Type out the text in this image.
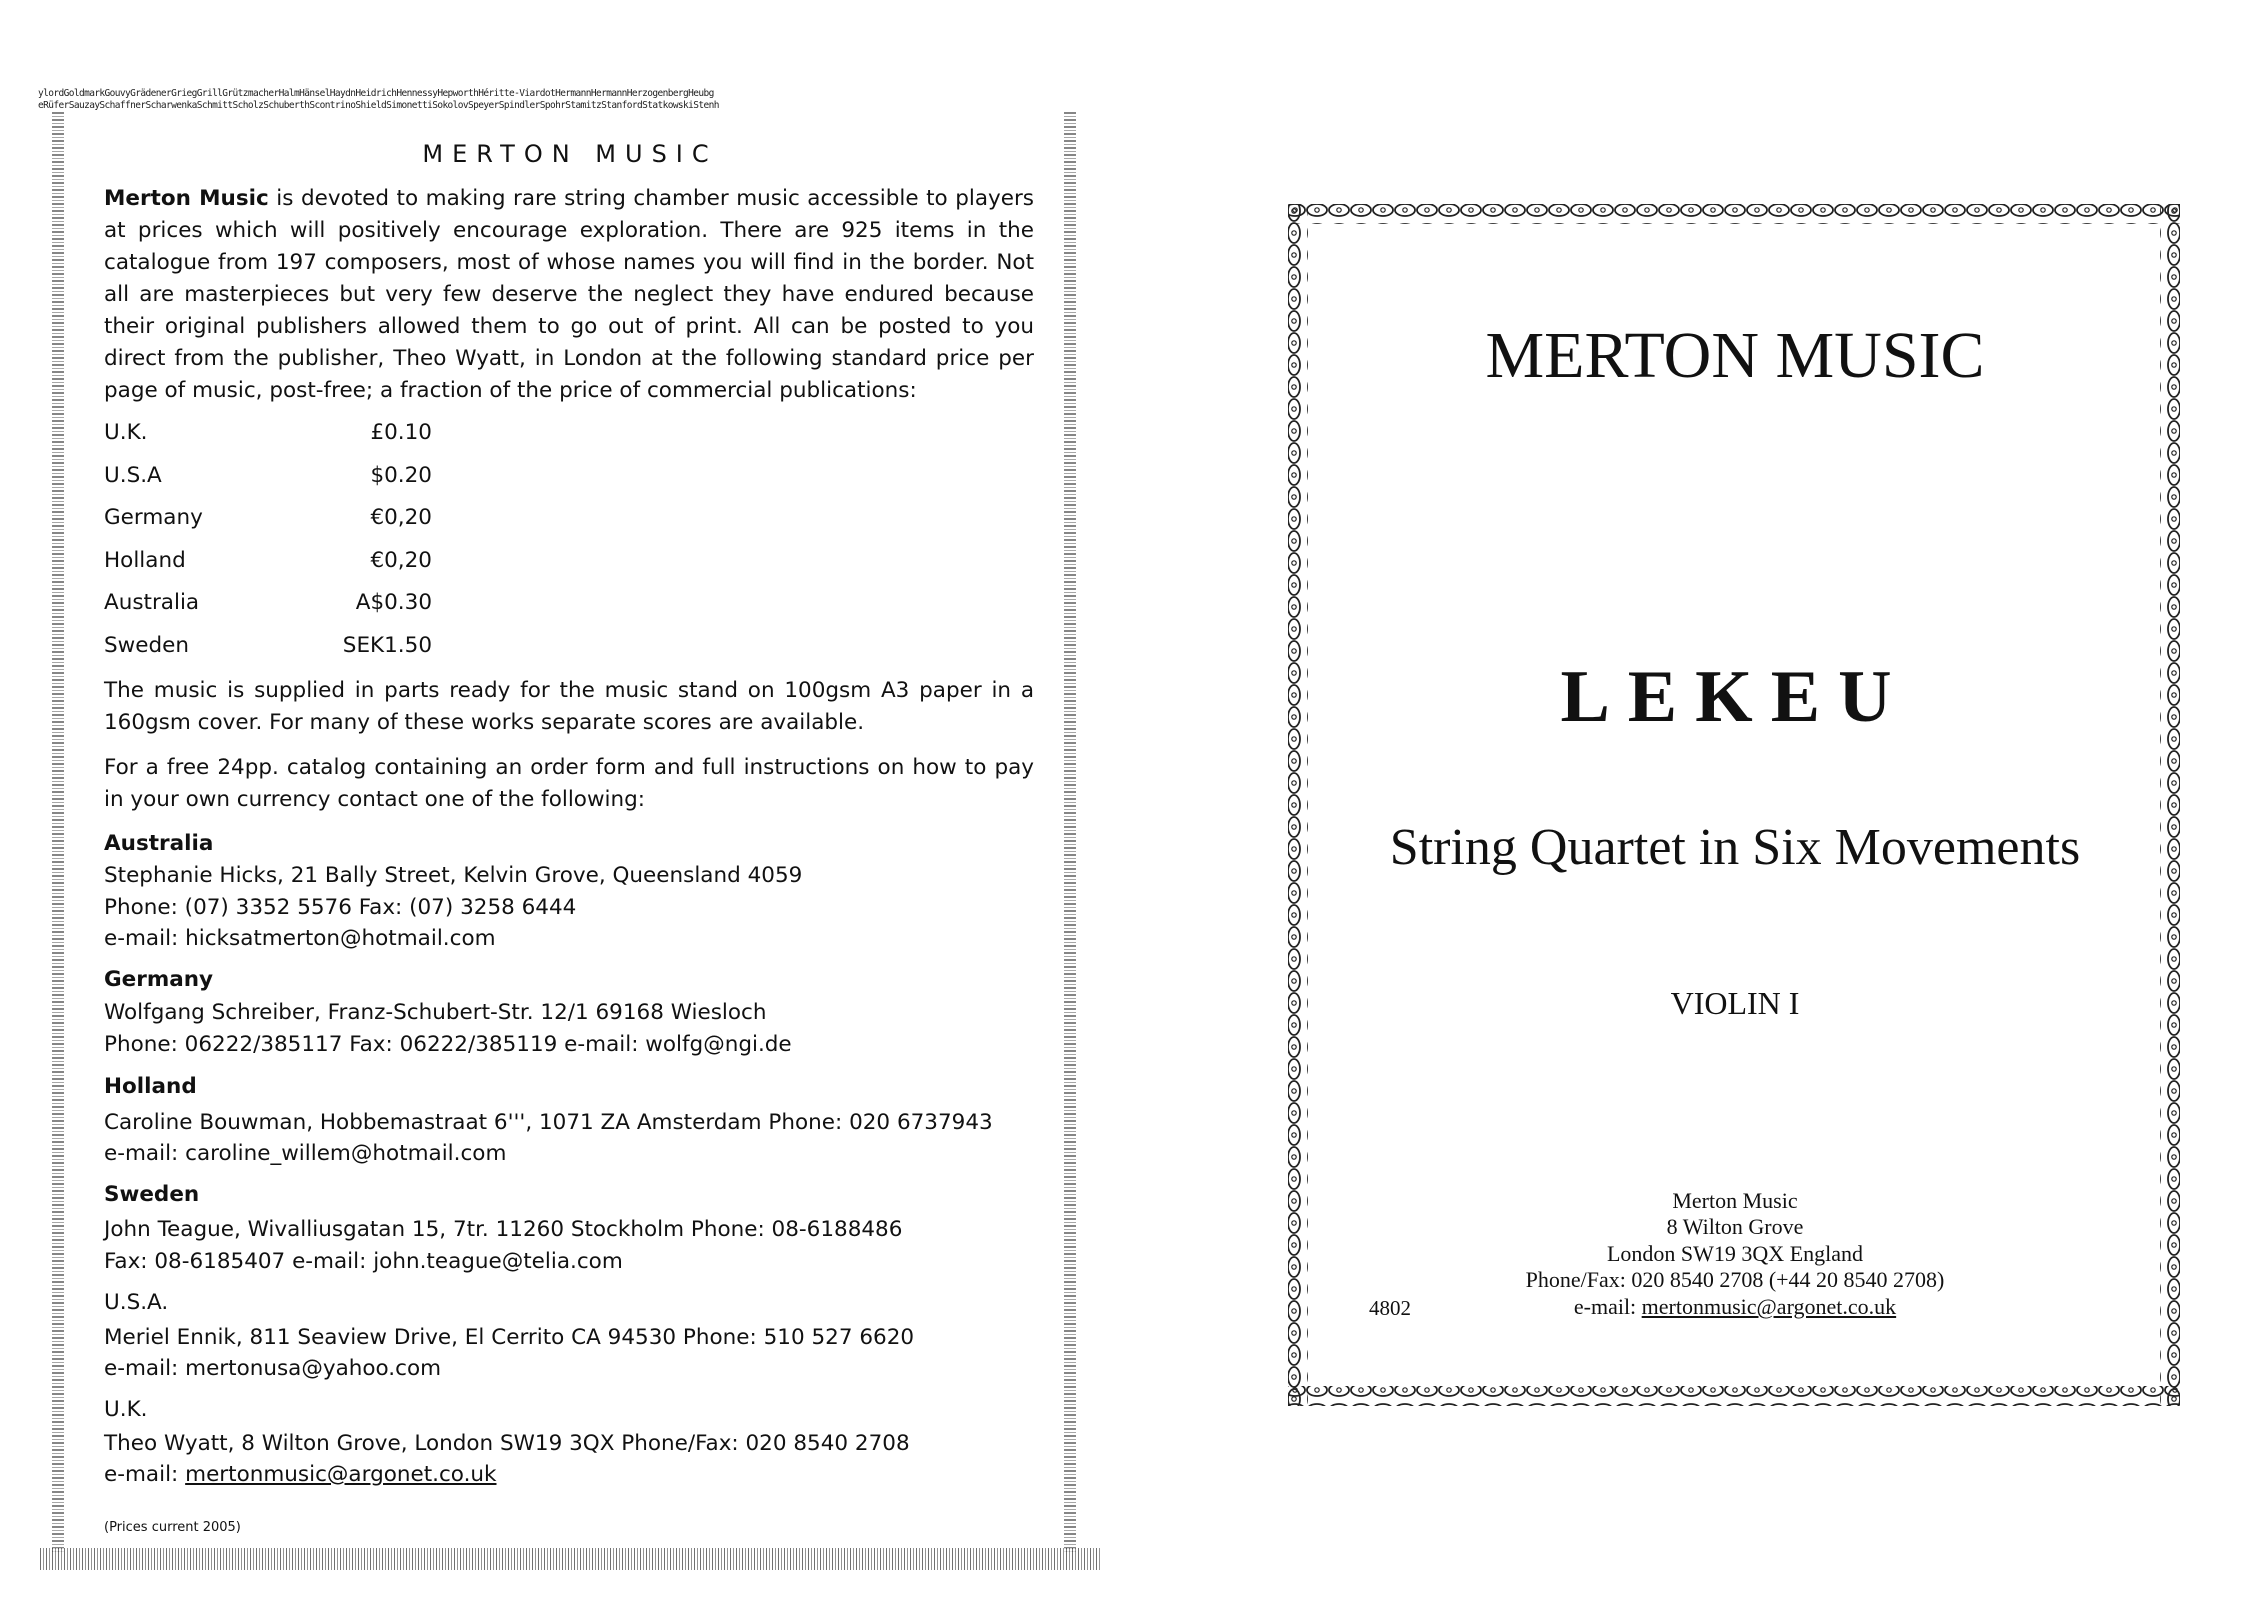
ylordGoldmarkGouvyGrädenerGriegGrillGrützmacherHalmHänselHaydnHeidrichHennessyHepworthHéritte-ViardotHermannHermannHerzogenbergHeubg
eRüferSauzaySchaffnerScharwenkaSchmittScholzSchuberthScontrinoShieldSimonettiSokolovSpeyerSpindlerSpohrStamitzStanfordStatkowskiStenh
MERTON MUSIC
Merton Music is devoted to making rare string chamber music accessible to players
at prices which will positively encourage exploration. There are 925 items in the
catalogue from 197 composers, most of whose names you will find in the border. Not
all are masterpieces but very few deserve the neglect they have endured because
their original publishers allowed them to go out of print. All can be posted to you
direct from the publisher, Theo Wyatt, in London at the following standard price per
page of music, post-free; a fraction of the price of commercial publications:
U.K.	£0.10
U.S.A	$0.20
Germany	€0,20
Holland	€0,20
Australia	A$0.30
Sweden	SEK1.50
The music is supplied in parts ready for the music stand on 100gsm A3 paper in a
160gsm cover. For many of these works separate scores are available.
For a free 24pp. catalog containing an order form and full instructions on how to pay
in your own currency contact one of the following:
Australia
Stephanie Hicks, 21 Bally Street, Kelvin Grove, Queensland 4059
Phone: (07) 3352 5576 Fax: (07) 3258 6444
e-mail: hicksatmerton@hotmail.com
Germany
Wolfgang Schreiber, Franz-Schubert-Str. 12/1 69168 Wiesloch
Phone: 06222/385117 Fax: 06222/385119 e-mail: wolfg@ngi.de
Holland
Caroline Bouwman, Hobbemastraat 6''', 1071 ZA Amsterdam Phone: 020 6737943
e-mail: caroline_willem@hotmail.com
Sweden
John Teague, Wivalliusgatan 15, 7tr. 11260 Stockholm Phone: 08-6188486
Fax: 08-6185407 e-mail: john.teague@telia.com
U.S.A.
Meriel Ennik, 811 Seaview Drive, El Cerrito CA 94530 Phone: 510 527 6620
e-mail: mertonusa@yahoo.com
U.K.
Theo Wyatt, 8 Wilton Grove, London SW19 3QX Phone/Fax: 020 8540 2708
e-mail: mertonmusic@argonet.co.uk
(Prices current 2005)
MERTON MUSIC
LEKEU
String Quartet in Six Movements
VIOLIN I
Merton Music
8 Wilton Grove
London SW19 3QX England
Phone/Fax: 020 8540 2708 (+44 20 8540 2708)
e-mail: mertonmusic@argonet.co.uk
4802
